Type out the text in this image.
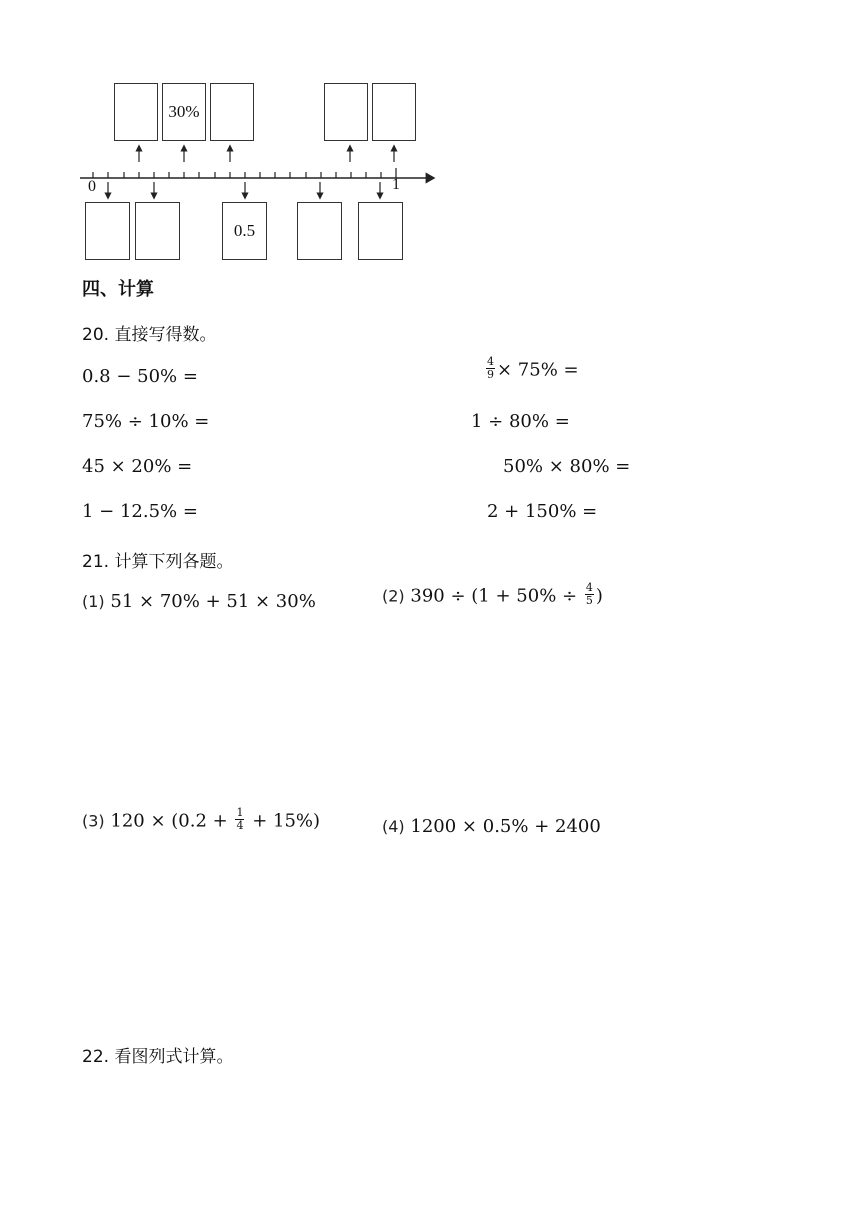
30%
0.5
0	1
四、计算
20. 直接写得数。
0.8 − 50% =	$\frac{4}{9} \times 75\%$ =
75% ÷ 10% =	1 ÷ 80% =
45 × 20% =	50% × 80% =
1 − 12.5% =	2 + 150% =
21. 计算下列各题。
(1) 51 × 70% + 51 × 30%	(2) $390 \div (1 + 50\% \div \frac{4}{5}$ )
(3) $120 \times (0.2 + \frac{1}{4} + 15\%)$	(4) 1200 × 0.5% + 2400
22. 看图列式计算。
